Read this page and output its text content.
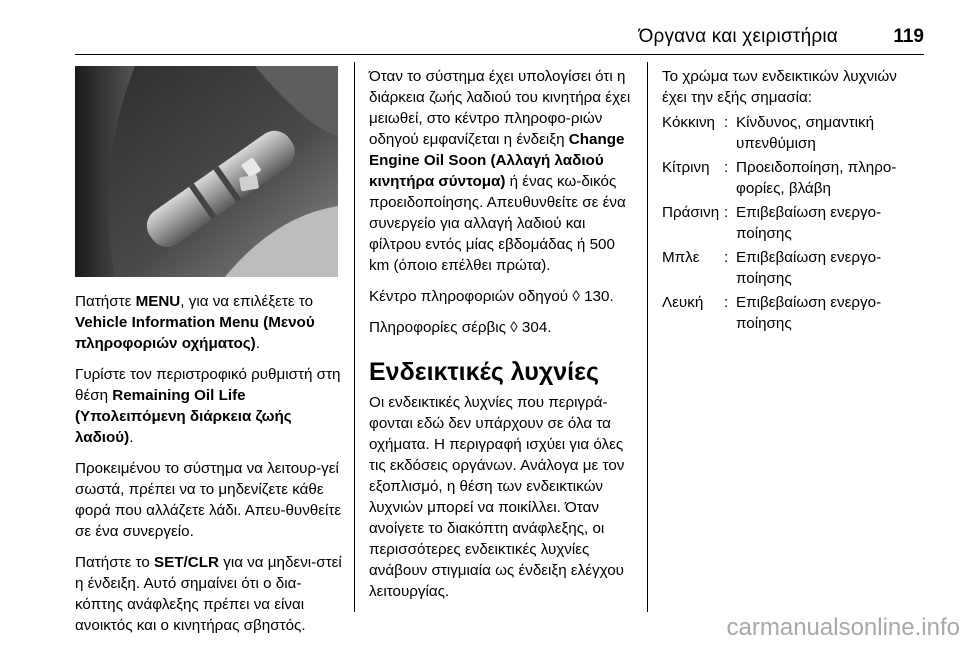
Όργανα και χειριστήρια	119

Πατήστε MENU, για να επιλέξετε το Vehicle Information Menu (Μενού πληροφοριών οχήματος).

Γυρίστε τον περιστροφικό ρυθμιστή στη θέση Remaining Oil Life (Υπολειπόμενη διάρκεια ζωής λαδιού).

Προκειμένου το σύστημα να λειτουρ‐γεί σωστά, πρέπει να το μηδενίζετε κάθε φορά που αλλάζετε λάδι. Απευ‐θυνθείτε σε ένα συνεργείο.

Πατήστε το SET/CLR για να μηδενι‐στεί η ένδειξη. Αυτό σημαίνει ότι ο δια‐κόπτης ανάφλεξης πρέπει να είναι ανοικτός και ο κινητήρας σβηστός.

Όταν το σύστημα έχει υπολογίσει ότι η διάρκεια ζωής λαδιού του κινητήρα έχει μειωθεί, στο κέντρο πληροφο‐ριών οδηγού εμφανίζεται η ένδειξη Change Engine Oil Soon (Αλλαγή λαδιού κινητήρα σύντομα) ή ένας κω‐δικός προειδοποίησης. Απευθυνθείτε σε ένα συνεργείο για αλλαγή λαδιού και φίλτρου εντός μίας εβδομάδας ή 500 km (όποιο επέλθει πρώτα).

Κέντρο πληροφοριών οδηγού ◊ 130.

Πληροφορίες σέρβις ◊ 304.

Ενδεικτικές λυχνίες

Οι ενδεικτικές λυχνίες που περιγρά‐φονται εδώ δεν υπάρχουν σε όλα τα οχήματα. Η περιγραφή ισχύει για όλες τις εκδόσεις οργάνων. Ανάλογα με τον εξοπλισμό, η θέση των ενδεικτικών λυχνιών μπορεί να ποικίλλει. Όταν ανοίγετε το διακόπτη ανάφλεξης, οι περισσότερες ενδεικτικές λυχνίες ανάβουν στιγμιαία ως ένδειξη ελέγχου λειτουργίας.

Το χρώμα των ενδεικτικών λυχνιών έχει την εξής σημασία:

Κόκκινη	:	Κίνδυνος, σημαντική υπενθύμιση
Κίτρινη	:	Προειδοποίηση, πληρο‐φορίες, βλάβη
Πράσινη	:	Επιβεβαίωση ενεργο‐ποίησης
Μπλε	:	Επιβεβαίωση ενεργο‐ποίησης
Λευκή	:	Επιβεβαίωση ενεργο‐ποίησης
carmanualsonline.info
